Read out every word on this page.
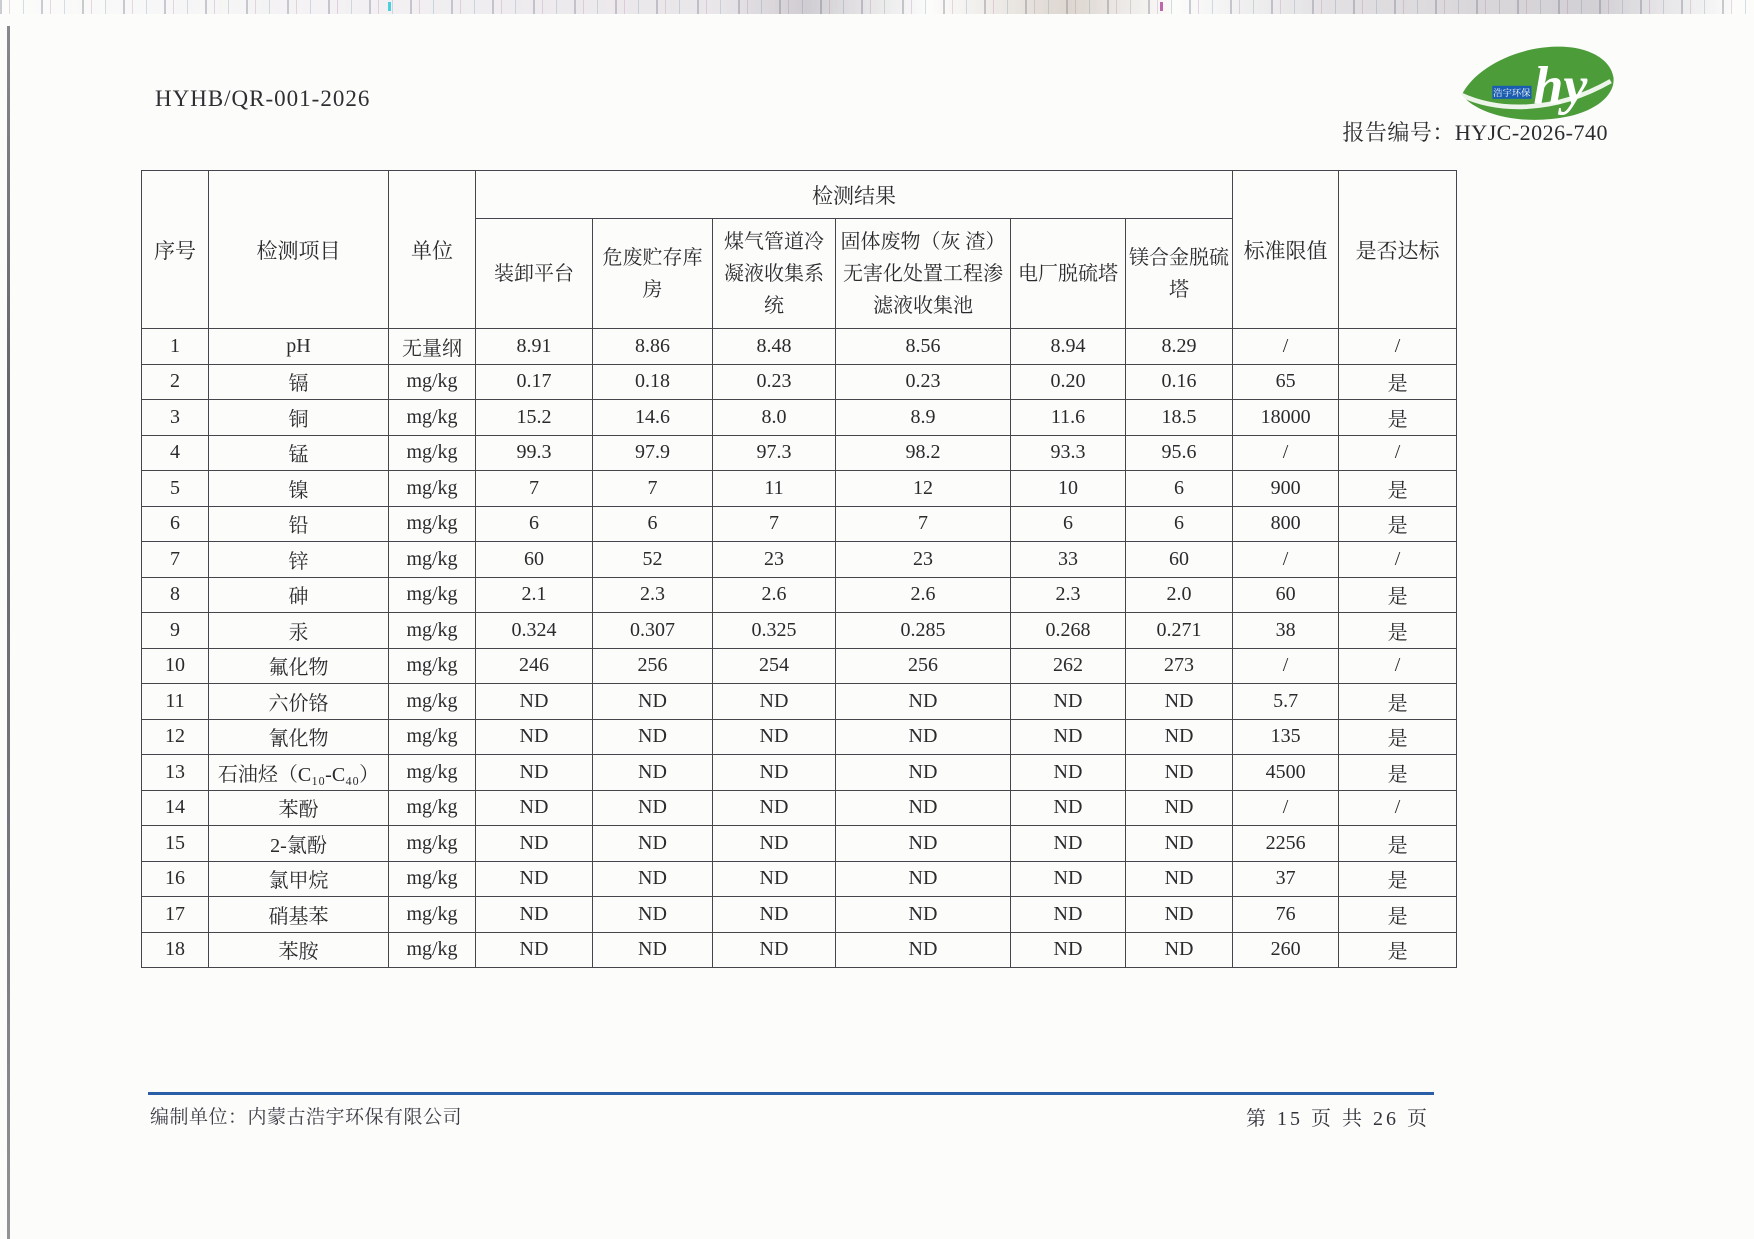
HYHB/QR-001-2026	hy
浩宇环保
报告编号：HYJC-2026-740
序号	检测项目	单位	检测结果						标准限值	是否达标
			装卸平台	危废贮存库房	煤气管道冷凝液收集系统	固体废物（灰 渣）无害化处置工程渗滤液收集池	电厂脱硫塔	镁合金脱硫塔		
1	pH	无量纲	8.91	8.86	8.48	8.56	8.94	8.29	/	/
2	镉	mg/kg	0.17	0.18	0.23	0.23	0.20	0.16	65	是
3	铜	mg/kg	15.2	14.6	8.0	8.9	11.6	18.5	18000	是
4	锰	mg/kg	99.3	97.9	97.3	98.2	93.3	95.6	/	/
5	镍	mg/kg	7	7	11	12	10	6	900	是
6	铅	mg/kg	6	6	7	7	6	6	800	是
7	锌	mg/kg	60	52	23	23	33	60	/	/
8	砷	mg/kg	2.1	2.3	2.6	2.6	2.3	2.0	60	是
9	汞	mg/kg	0.324	0.307	0.325	0.285	0.268	0.271	38	是
10	氟化物	mg/kg	246	256	254	256	262	273	/	/
11	六价铬	mg/kg	ND	ND	ND	ND	ND	ND	5.7	是
12	氰化物	mg/kg	ND	ND	ND	ND	ND	ND	135	是
13	石油烃（C₁₀-C₄₀）	mg/kg	ND	ND	ND	ND	ND	ND	4500	是
14	苯酚	mg/kg	ND	ND	ND	ND	ND	ND	/	/
15	2-氯酚	mg/kg	ND	ND	ND	ND	ND	ND	2256	是
16	氯甲烷	mg/kg	ND	ND	ND	ND	ND	ND	37	是
17	硝基苯	mg/kg	ND	ND	ND	ND	ND	ND	76	是
18	苯胺	mg/kg	ND	ND	ND	ND	ND	ND	260	是
编制单位：内蒙古浩宇环保有限公司	第 15 页 共 26 页
